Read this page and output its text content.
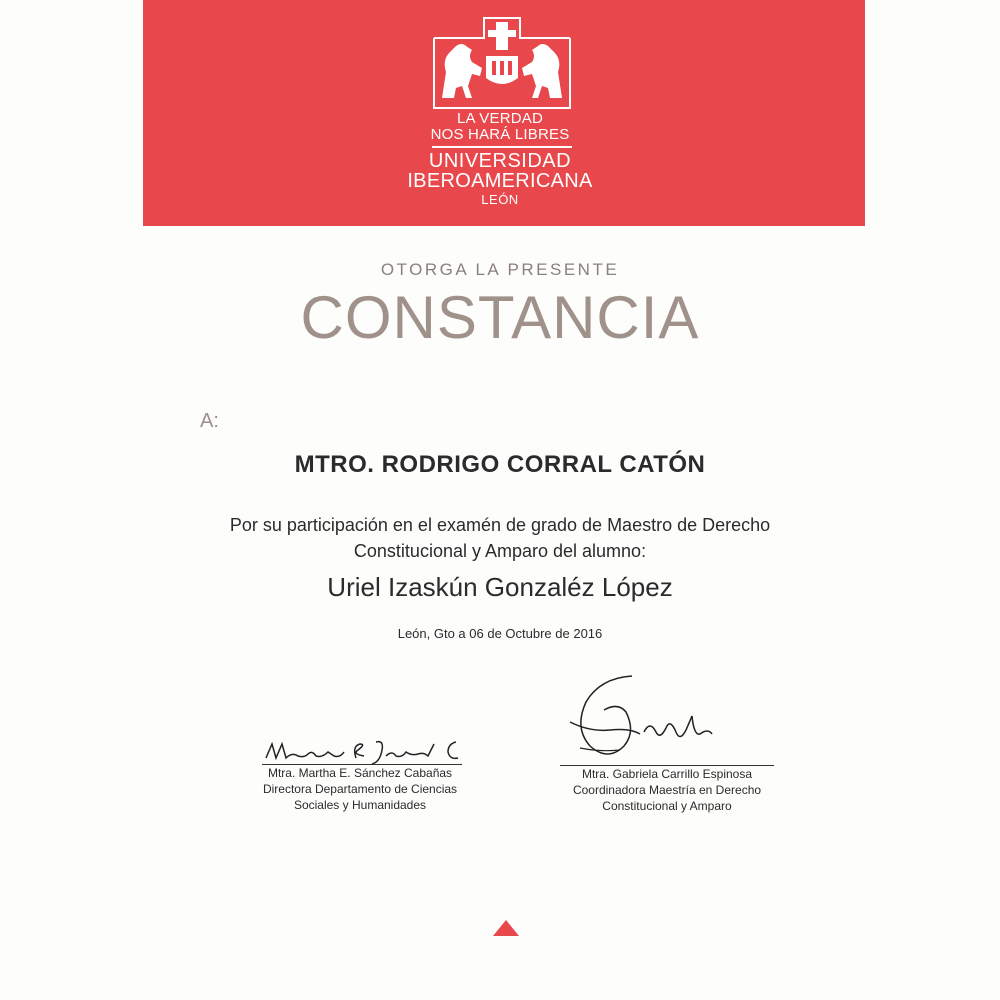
LA VERDAD
NOS HARÁ LIBRES
UNIVERSIDAD
IBEROAMERICANA
LEÓN
OTORGA LA PRESENTE
CONSTANCIA
A:
MTRO. RODRIGO CORRAL CATÓN
Por su participación en el examén de grado de Maestro de Derecho
Constitucional y Amparo del alumno:
Uriel Izaskún Gonzaléz López
León, Gto a 06 de Octubre de 2016
Mtra. Martha E. Sánchez Cabañas
Directora Departamento de Ciencias
Sociales y Humanidades
Mtra. Gabriela Carrillo Espinosa
Coordinadora Maestría en Derecho
Constitucional y Amparo
